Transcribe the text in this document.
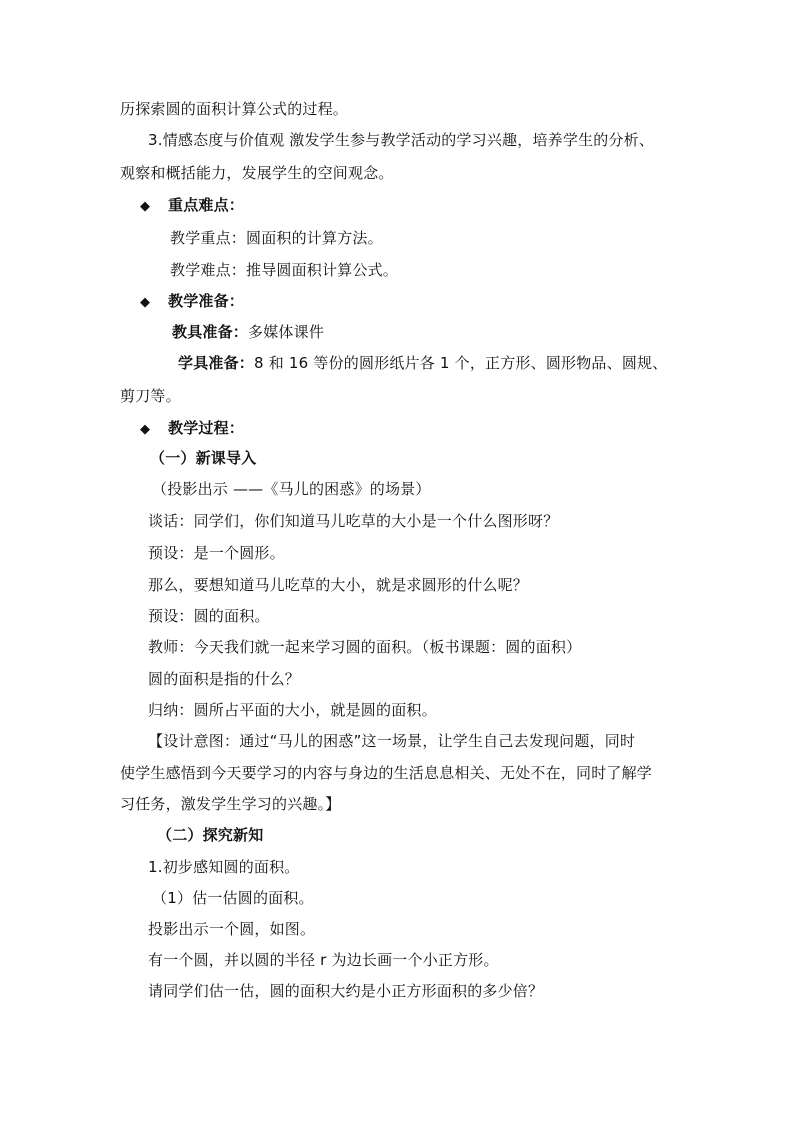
历探索圆的面积计算公式的过程。
3.情感态度与价值观 激发学生参与教学活动的学习兴趣，培养学生的分析、
观察和概括能力，发展学生的空间观念。
◆ 重点难点：
教学重点：圆面积的计算方法。
教学难点：推导圆面积计算公式。
◆ 教学准备：
教具准备：多媒体课件
学具准备：8 和 16 等份的圆形纸片各 1 个，正方形、圆形物品、圆规、
剪刀等。
◆ 教学过程：
（一）新课导入
（投影出示 ——《马儿的困惑》的场景）
谈话：同学们，你们知道马儿吃草的大小是一个什么图形呀？
预设：是一个圆形。
那么，要想知道马儿吃草的大小，就是求圆形的什么呢？
预设：圆的面积。
教师：今天我们就一起来学习圆的面积。（板书课题：圆的面积）
圆的面积是指的什么？
归纳：圆所占平面的大小，就是圆的面积。
【设计意图：通过“马儿的困惑”这一场景，让学生自己去发现问题，同时
使学生感悟到今天要学习的内容与身边的生活息息相关、无处不在，同时了解学
习任务，激发学生学习的兴趣。】
（二）探究新知
1.初步感知圆的面积。
（1）估一估圆的面积。
投影出示一个圆，如图。
有一个圆，并以圆的半径 r 为边长画一个小正方形。
请同学们估一估，圆的面积大约是小正方形面积的多少倍？
